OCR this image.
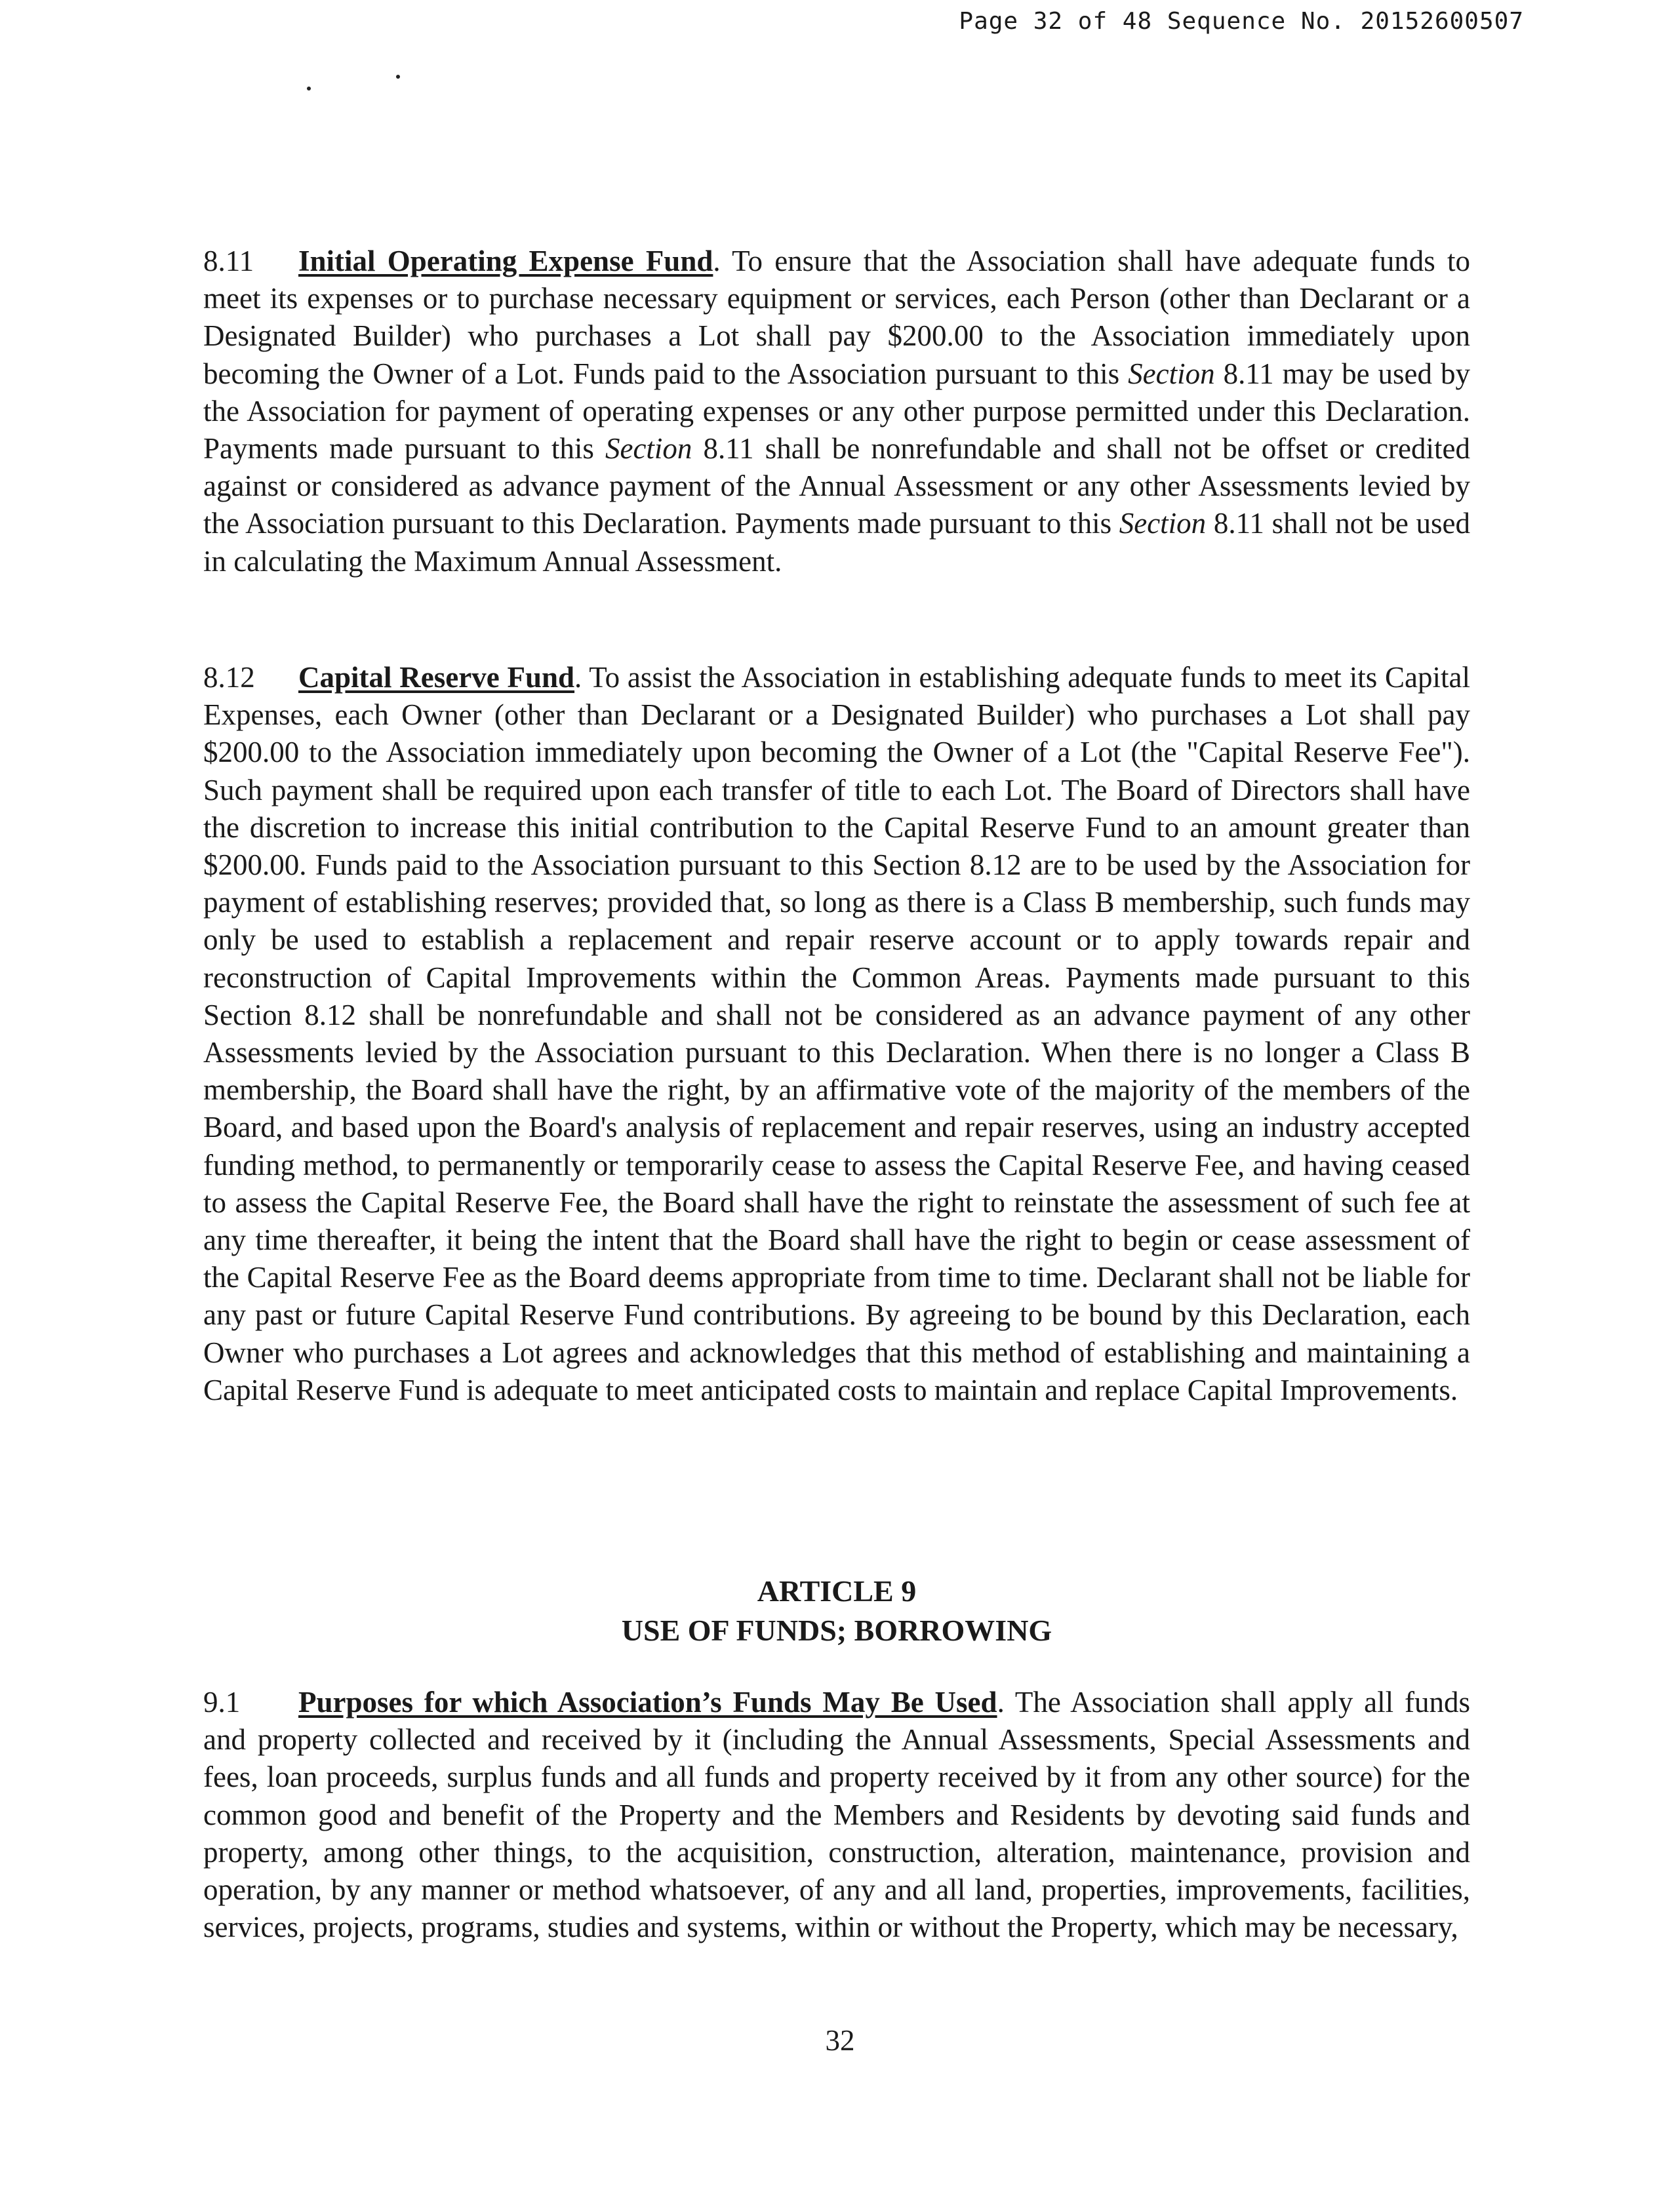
Page 32 of 48 Sequence No. 20152600507

8.11 Initial Operating Expense Fund. To ensure that the Association shall have adequate funds to meet its expenses or to purchase necessary equipment or services, each Person (other than Declarant or a Designated Builder) who purchases a Lot shall pay $200.00 to the Association immediately upon becoming the Owner of a Lot. Funds paid to the Association pursuant to this Section 8.11 may be used by the Association for payment of operating expenses or any other purpose permitted under this Declaration. Payments made pursuant to this Section 8.11 shall be nonrefundable and shall not be offset or credited against or considered as advance payment of the Annual Assessment or any other Assessments levied by the Association pursuant to this Declaration. Payments made pursuant to this Section 8.11 shall not be used in calculating the Maximum Annual Assessment.

8.12 Capital Reserve Fund. To assist the Association in establishing adequate funds to meet its Capital Expenses, each Owner (other than Declarant or a Designated Builder) who purchases a Lot shall pay $200.00 to the Association immediately upon becoming the Owner of a Lot (the "Capital Reserve Fee"). Such payment shall be required upon each transfer of title to each Lot. The Board of Directors shall have the discretion to increase this initial contribution to the Capital Reserve Fund to an amount greater than $200.00. Funds paid to the Association pursuant to this Section 8.12 are to be used by the Association for payment of establishing reserves; provided that, so long as there is a Class B membership, such funds may only be used to establish a replacement and repair reserve account or to apply towards repair and reconstruction of Capital Improvements within the Common Areas. Payments made pursuant to this Section 8.12 shall be nonrefundable and shall not be considered as an advance payment of any other Assessments levied by the Association pursuant to this Declaration. When there is no longer a Class B membership, the Board shall have the right, by an affirmative vote of the majority of the members of the Board, and based upon the Board's analysis of replacement and repair reserves, using an industry accepted funding method, to permanently or temporarily cease to assess the Capital Reserve Fee, and having ceased to assess the Capital Reserve Fee, the Board shall have the right to reinstate the assessment of such fee at any time thereafter, it being the intent that the Board shall have the right to begin or cease assessment of the Capital Reserve Fee as the Board deems appropriate from time to time. Declarant shall not be liable for any past or future Capital Reserve Fund contributions. By agreeing to be bound by this Declaration, each Owner who purchases a Lot agrees and acknowledges that this method of establishing and maintaining a Capital Reserve Fund is adequate to meet anticipated costs to maintain and replace Capital Improvements.

ARTICLE 9
USE OF FUNDS; BORROWING

9.1 Purposes for which Association’s Funds May Be Used. The Association shall apply all funds and property collected and received by it (including the Annual Assessments, Special Assessments and fees, loan proceeds, surplus funds and all funds and property received by it from any other source) for the common good and benefit of the Property and the Members and Residents by devoting said funds and property, among other things, to the acquisition, construction, alteration, maintenance, provision and operation, by any manner or method whatsoever, of any and all land, properties, improvements, facilities, services, projects, programs, studies and systems, within or without the Property, which may be necessary,

32
